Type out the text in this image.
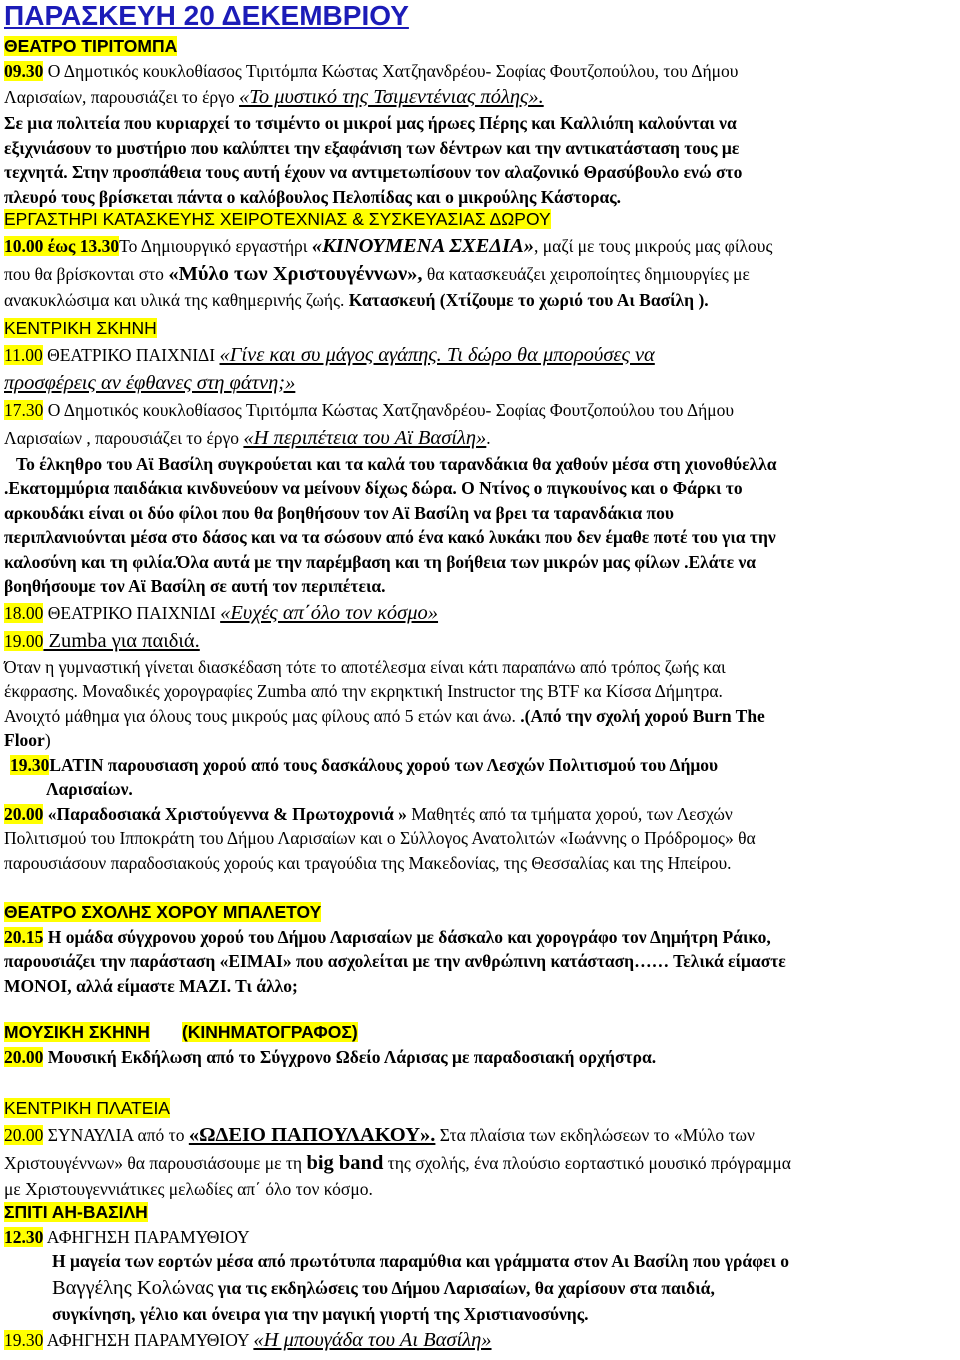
ΠΑΡΑΣΚΕΥΗ 20 ΔΕΚΕΜΒΡΙΟΥ
ΘΕΑΤΡΟ ΤΙΡΙΤΟΜΠΑ
09.30 Ο Δημοτικός κουκλοθίασος Τιριτόμπα Κώστας Χατζηανδρέου- Σοφίας Φουτζοπούλου, του Δήμου
Λαρισαίων, παρουσιάζει το έργο «Το μυστικό της Τσιμεντένιας πόλης».
Σε μια πολιτεία που κυριαρχεί το τσιμέντο οι μικροί μας ήρωες Πέρης και Καλλιόπη καλούνται να
εξιχνιάσουν το μυστήριο που καλύπτει την εξαφάνιση των δέντρων και την αντικατάσταση τους με
τεχνητά. Στην προσπάθεια τους αυτή έχουν να αντιμετωπίσουν τον αλαζονικό Θρασύβουλο ενώ στο
πλευρό τους βρίσκεται πάντα ο καλόβουλος Πελοπίδας και ο μικρούλης Κάστορας.
ΕΡΓΑΣΤΗΡΙ ΚΑΤΑΣΚΕΥΗΣ ΧΕΙΡΟΤΕΧΝΙΑΣ & ΣΥΣΚΕΥΑΣΙΑΣ ΔΩΡΟΥ
10.00 έως 13.30Το Δημιουργικό εργαστήρι «ΚΙΝΟΥΜΕΝΑ ΣΧΕΔΙΑ», μαζί με τους μικρούς μας φίλους
που θα βρίσκονται στο «Μύλο των Χριστουγέννων», θα κατασκευάζει χειροποίητες δημιουργίες με
ανακυκλώσιμα και υλικά της καθημερινής ζωής. Κατασκευή (Χτίζουμε το χωριό του Αι Βασίλη ).
ΚΕΝΤΡΙΚΗ ΣΚΗΝΗ
11.00 ΘΕΑΤΡΙΚΟ ΠΑΙΧΝΙΔΙ «Γίνε και συ μάγος αγάπης. Τι δώρο θα μπορούσες να
προσφέρεις αν έφθανες στη φάτνη;»
17.30 Ο Δημοτικός κουκλοθίασος Τιριτόμπα Κώστας Χατζηανδρέου- Σοφίας Φουτζοπούλου του Δήμου
Λαρισαίων , παρουσιάζει το έργο «Η περιπέτεια του Αϊ Βασίλη».
Το έλκηθρο του Αϊ Βασίλη συγκρούεται και τα καλά του ταρανδάκια θα χαθούν μέσα στη χιονοθύελλα
.Εκατομμύρια παιδάκια κινδυνεύουν να μείνουν δίχως δώρα. Ο Ντίνος ο πιγκουίνος και ο Φάρκι το
αρκουδάκι είναι οι δύο φίλοι που θα βοηθήσουν τον Αϊ Βασίλη να βρει τα ταρανδάκια που
περιπλανιούνται μέσα στο δάσος και να τα σώσουν από ένα κακό λυκάκι που δεν έμαθε ποτέ του για την
καλοσύνη και τη φιλία.Όλα αυτά με την παρέμβαση και τη βοήθεια των μικρών μας φίλων .Ελάτε να
βοηθήσουμε τον Αϊ Βασίλη σε αυτή τον περιπέτεια.
18.00 ΘΕΑΤΡΙΚΟ ΠΑΙΧΝΙΔΙ «Ευχές απ΄όλο τον κόσμο»
19.00 Zumba για παιδιά.
Όταν η γυμναστική γίνεται διασκέδαση τότε το αποτέλεσμα είναι κάτι παραπάνω από τρόπος ζωής και
έκφρασης. Μοναδικές χορογραφίες Zumba από την εκρηκτική Instructor της BTF κα Κίσσα Δήμητρα.
Ανοιχτό μάθημα για όλους τους μικρούς μας φίλους από 5 ετών και άνω. .(Από την σχολή χορού Burn The
Floor)
19.30LATIN παρουσιαση χορού από τους δασκάλους χορού των Λεσχών Πολιτισμού του Δήμου
Λαρισαίων.
20.00 «Παραδοσιακά Χριστούγεννα & Πρωτοχρονιά » Μαθητές από τα τμήματα χορού, των Λεσχών
Πολιτισμού του Ιπποκράτη του Δήμου Λαρισαίων και ο Σύλλογος Ανατολιτών «Ιωάννης ο Πρόδρομος» θα
παρουσιάσουν παραδοσιακούς χορούς και τραγούδια της Μακεδονίας, της Θεσσαλίας και της Ηπείρου.
ΘΕΑΤΡΟ ΣΧΟΛΗΣ ΧΟΡΟΥ ΜΠΑΛΕΤΟΥ
20.15 Η ομάδα σύγχρονου χορού του Δήμου Λαρισαίων με δάσκαλο και χορογράφο τον Δημήτρη Ράικο,
παρουσιάζει την παράσταση «ΕΙΜΑΙ» που ασχολείται με την ανθρώπινη κατάσταση…… Τελικά είμαστε
ΜΟΝΟΙ, αλλά είμαστε ΜΑΖΙ. Τι άλλο;
ΜΟΥΣΙΚΗ ΣΚΗΝΗ (ΚΙΝΗΜΑΤΟΓΡΑΦΟΣ)
20.00 Μουσική Εκδήλωση από το Σύγχρονο Ωδείο Λάρισας με παραδοσιακή ορχήστρα.
ΚΕΝΤΡΙΚΗ ΠΛΑΤΕΙΑ
20.00 ΣΥΝΑΥΛΙΑ από το «ΩΔΕΙΟ ΠΑΠΟΥΛΑΚΟΥ». Στα πλαίσια των εκδηλώσεων το «Μύλο των
Χριστουγέννων» θα παρουσιάσουμε με τη big band της σχολής, ένα πλούσιο εορταστικό μουσικό πρόγραμμα
με Χριστουγεννιάτικες μελωδίες απ΄ όλο τον κόσμο.
ΣΠΙΤΙ ΑΗ-ΒΑΣΙΛΗ
12.30 ΑΦΗΓΗΣΗ ΠΑΡΑΜΥΘΙΟΥ
Η μαγεία των εορτών μέσα από πρωτότυπα παραμύθια και γράμματα στον Αι Βασίλη που γράφει ο
Βαγγέλης Κολώνας για τις εκδηλώσεις του Δήμου Λαρισαίων, θα χαρίσουν στα παιδιά,
συγκίνηση, γέλιο και όνειρα για την μαγική γιορτή της Χριστιανοσύνης.
19.30 ΑΦΗΓΗΣΗ ΠΑΡΑΜΥΘΙΟΥ «Η μπουγάδα του Αι Βασίλη»
